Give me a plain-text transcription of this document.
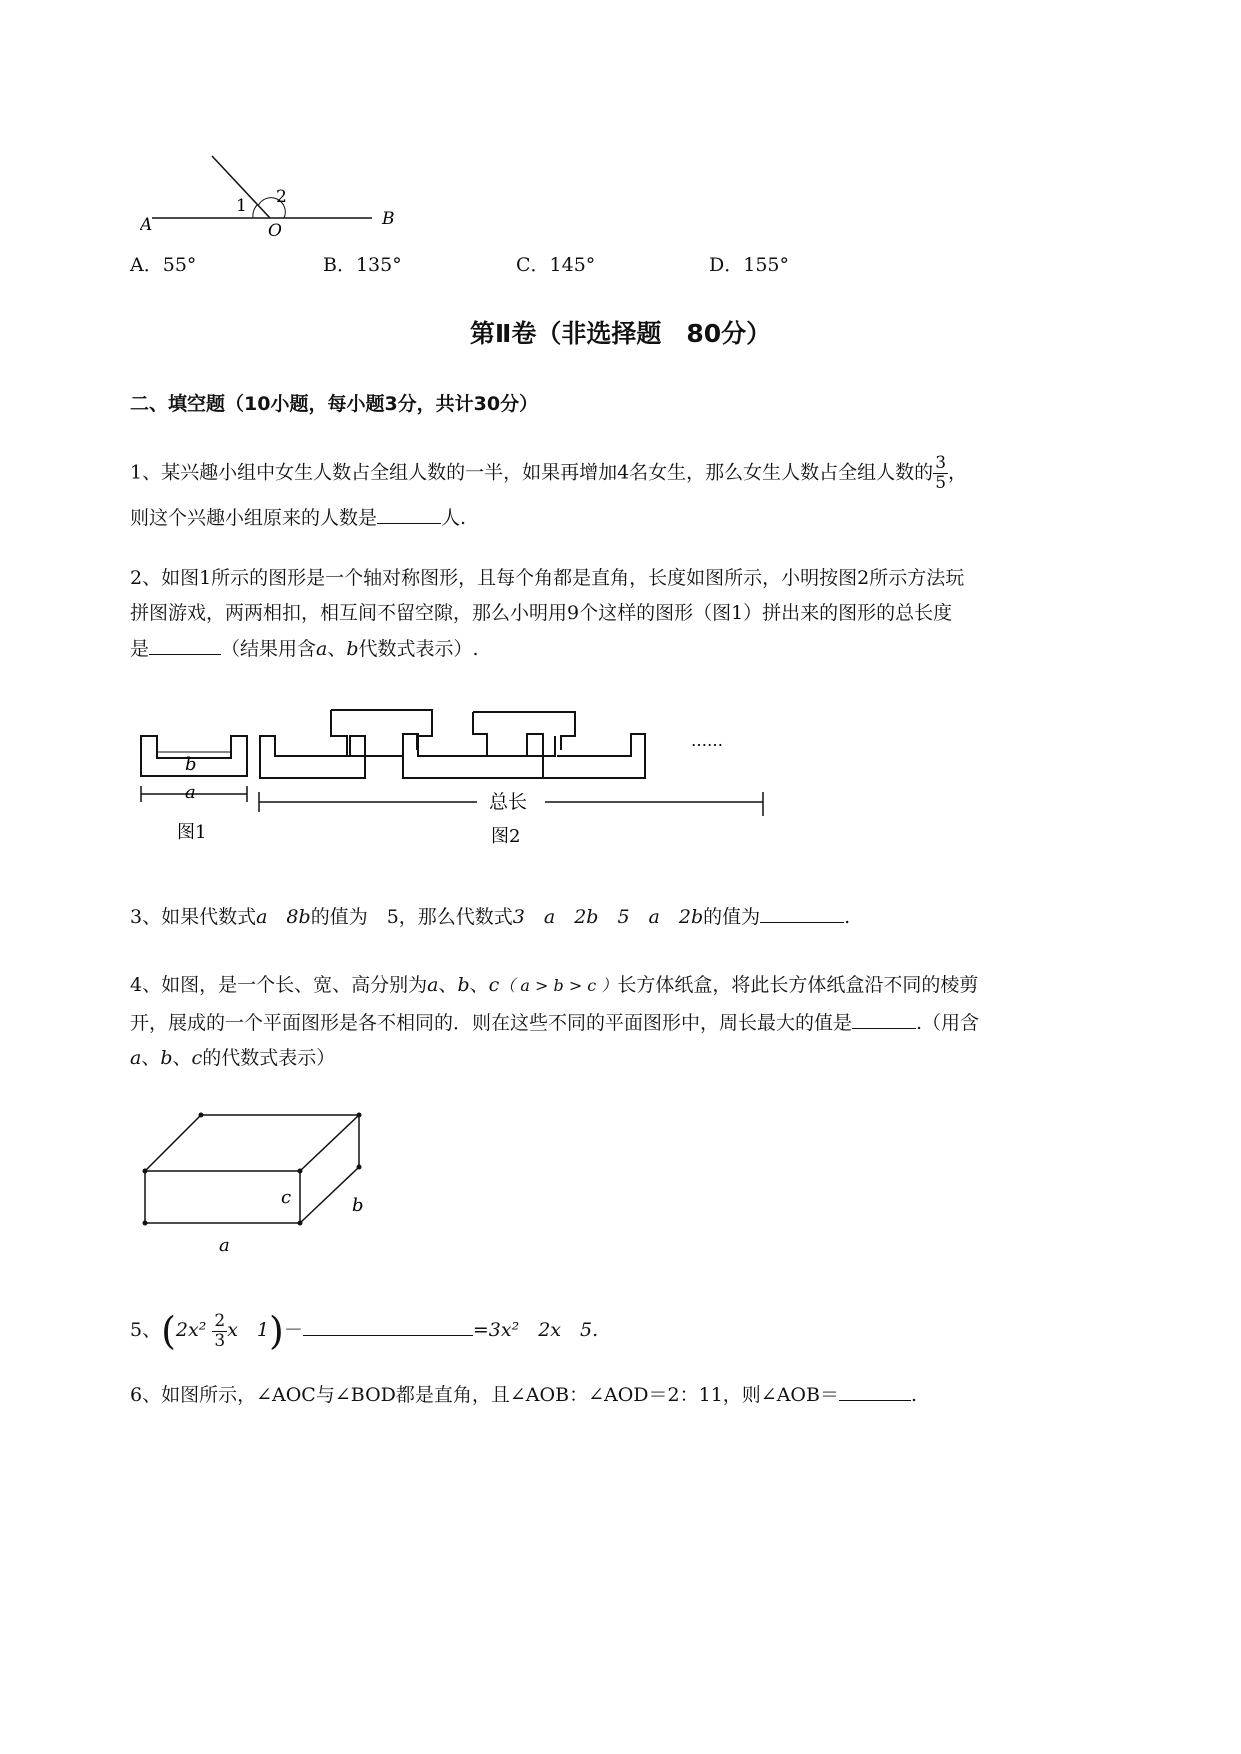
1 2
A	O
B
A．55°	B．135°	C．145°	D．155°
第Ⅱ卷（非选择题　80分）
二、填空题（10小题，每小题3分，共计30分）
1、某兴趣小组中女生人数占全组人数的一半，如果再增加4名女生，那么女生人数占全组人数的 $\frac{3}{5}$ ，
则这个兴趣小组原来的人数是	人.
2、如图1所示的图形是一个轴对称图形，且每个角都是直角，长度如图所示，小明按图2所示方法玩
拼图游戏，两两相扣，相互间不留空隙，那么小明用9个这样的图形（图1）拼出来的图形的总长度
是	（结果用含a、b代数式表示）.
b
a
图1
……
总长
图2
3、如果代数式a　8b的值为　5，那么代数式3　a　2b　5　a　2b的值为	.
4、如图，是一个长、宽、高分别为a、b、c（ a > b > c ）长方体纸盒，将此长方体纸盒沿不同的棱剪
开，展成的一个平面图形是各不相同的．则在这些不同的平面图形中，周长最大的值是	.（用含
a、b、c的代数式表示）
c	b
a
5、($2x^2 \frac{2}{3}$ x　1)－	=3x²　2x　5.
6、如图所示，∠AOC与∠BOD都是直角，且∠AOB：∠AOD＝2：11，则∠AOB＝	.
